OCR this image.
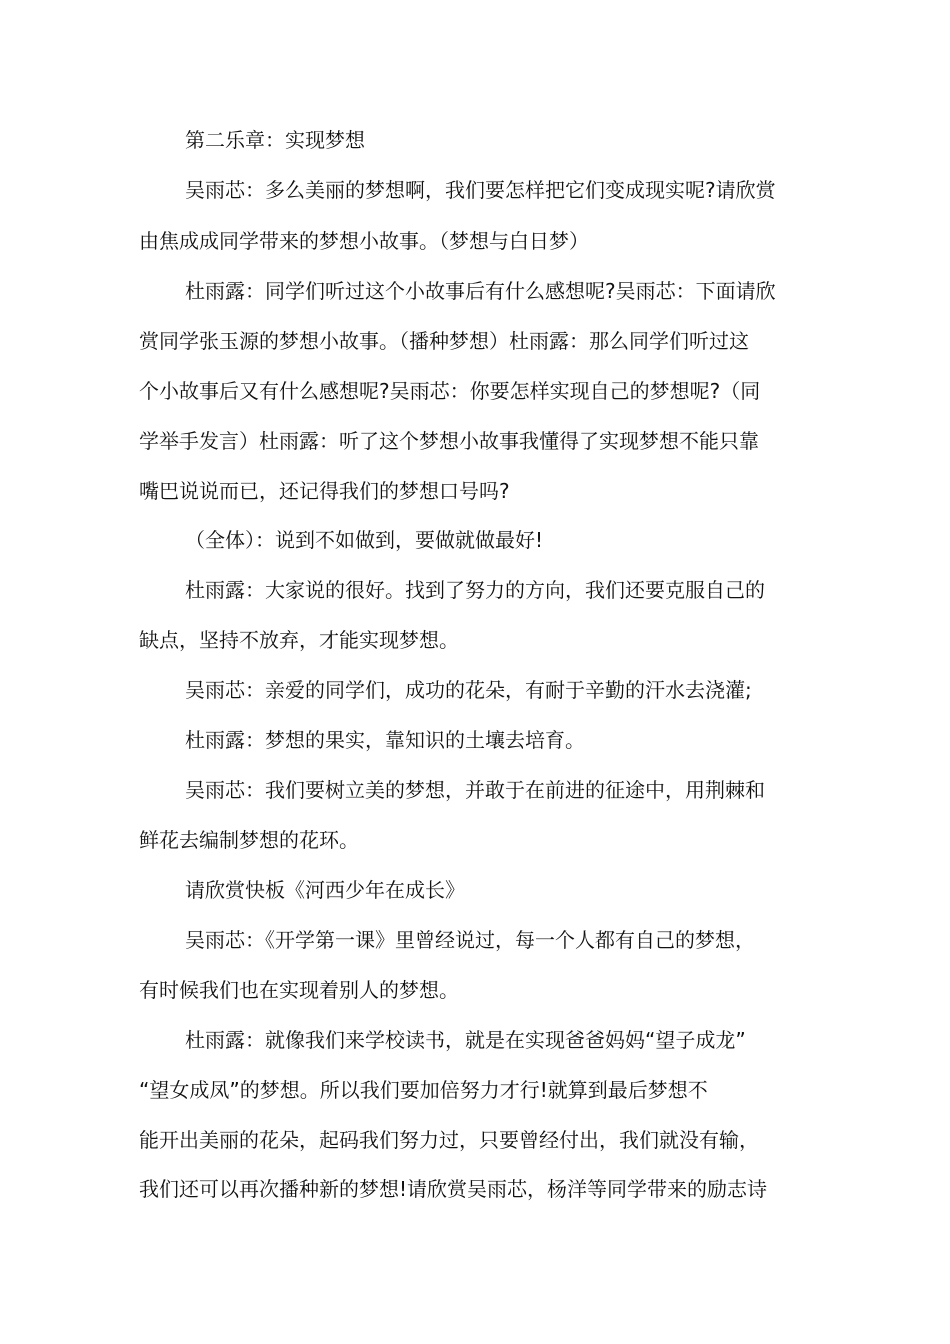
第二乐章：实现梦想
吴雨芯：多么美丽的梦想啊，我们要怎样把它们变成现实呢?请欣赏
由焦成成同学带来的梦想小故事。（梦想与白日梦）
杜雨露：同学们听过这个小故事后有什么感想呢?吴雨芯：下面请欣
赏同学张玉源的梦想小故事。（播种梦想）杜雨露：那么同学们听过这
个小故事后又有什么感想呢?吴雨芯：你要怎样实现自己的梦想呢?（同
学举手发言）杜雨露：听了这个梦想小故事我懂得了实现梦想不能只靠
嘴巴说说而已，还记得我们的梦想口号吗?
（全体）：说到不如做到，要做就做最好!
杜雨露：大家说的很好。找到了努力的方向，我们还要克服自己的
缺点，坚持不放弃，才能实现梦想。
吴雨芯：亲爱的同学们，成功的花朵，有耐于辛勤的汗水去浇灌;
杜雨露：梦想的果实，靠知识的土壤去培育。
吴雨芯：我们要树立美的梦想，并敢于在前进的征途中，用荆棘和
鲜花去编制梦想的花环。
请欣赏快板《河西少年在成长》
吴雨芯：《开学第一课》里曾经说过，每一个人都有自己的梦想，
有时候我们也在实现着别人的梦想。
杜雨露：就像我们来学校读书，就是在实现爸爸妈妈“望子成龙”
“望女成凤”的梦想。所以我们要加倍努力才行!就算到最后梦想不
能开出美丽的花朵，起码我们努力过，只要曾经付出，我们就没有输，
我们还可以再次播种新的梦想!请欣赏吴雨芯，杨洋等同学带来的励志诗
